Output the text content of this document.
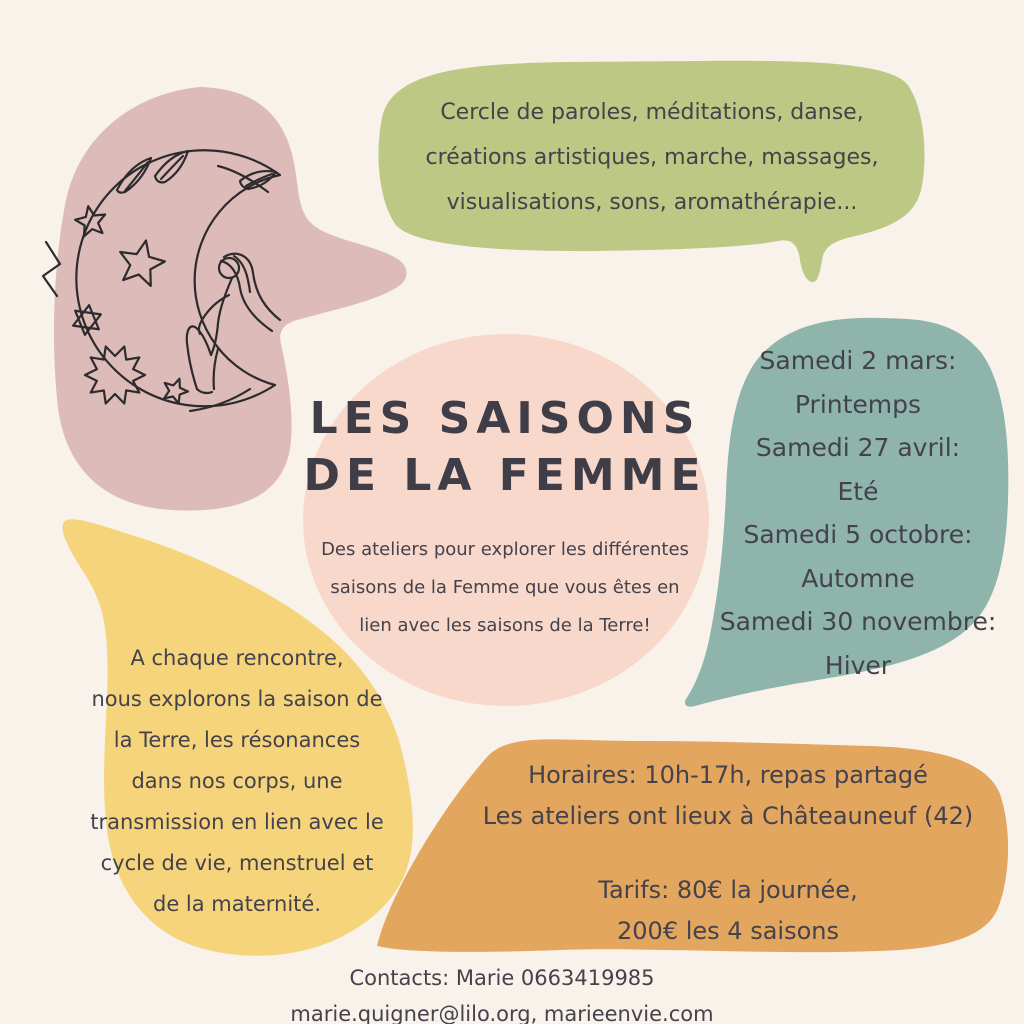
Cercle de paroles, méditations, danse,
créations artistiques, marche, massages,
visualisations, sons, aromathérapie...
LES SAISONS
DE LA FEMME
Des ateliers pour explorer les différentes
saisons de la Femme que vous êtes en
lien avec les saisons de la Terre!
Samedi 2 mars:
Printemps
Samedi 27 avril:
Eté
Samedi 5 octobre:
Automne
Samedi 30 novembre:
Hiver
A chaque rencontre,
nous explorons la saison de
la Terre, les résonances
dans nos corps, une
transmission en lien avec le
cycle de vie, menstruel et
de la maternité.
Horaires: 10h-17h, repas partagé
Les ateliers ont lieux à Châteauneuf (42)
Tarifs: 80€ la journée,
200€ les 4 saisons
Contacts: Marie 0663419985
marie.quigner@lilo.org, marieenvie.com
